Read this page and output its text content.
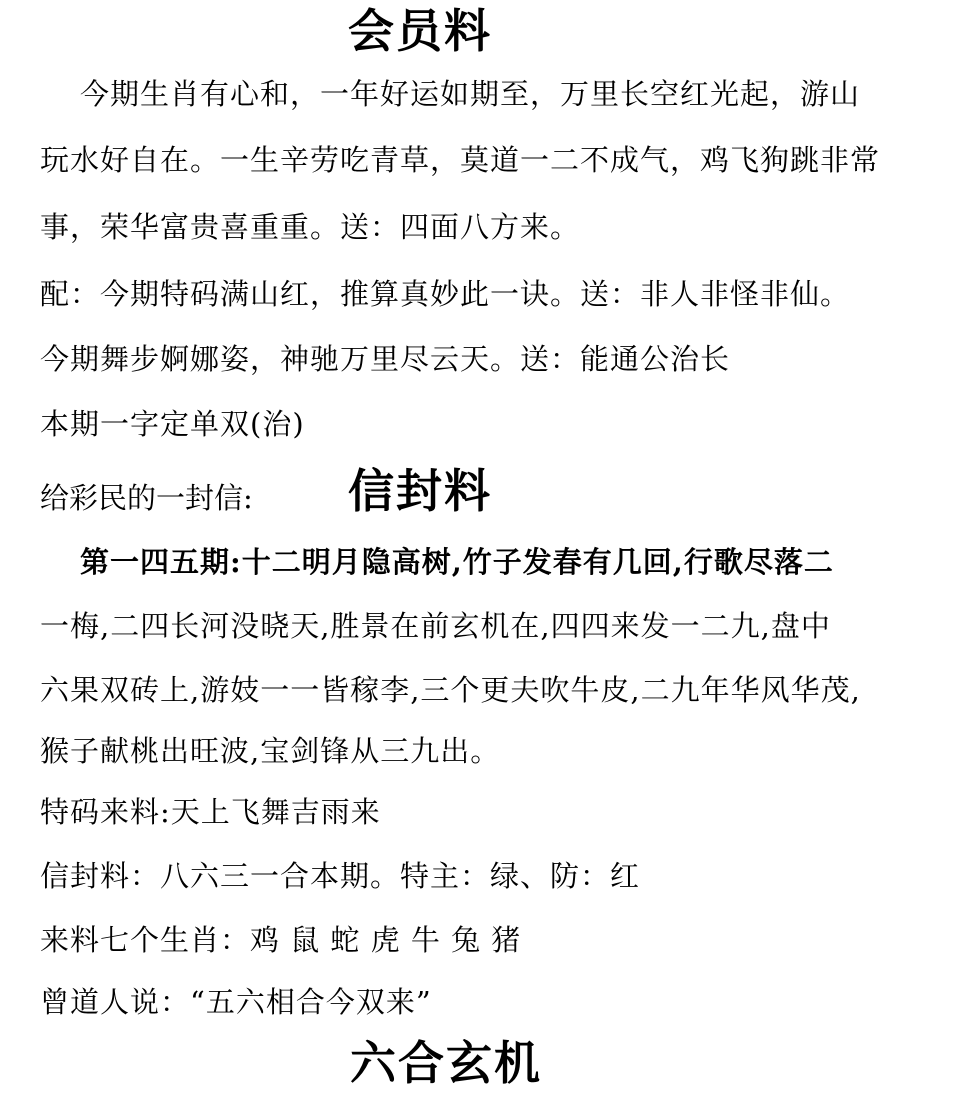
会员料
今期生肖有心和，一年好运如期至，万里长空红光起，游山
玩水好自在。一生辛劳吃青草，莫道一二不成气，鸡飞狗跳非常
事，荣华富贵喜重重。送：四面八方来。
配：今期特码满山红，推算真妙此一诀。送：非人非怪非仙。
今期舞步婀娜姿，神驰万里尽云天。送：能通公治长
本期一字定单双(治)
给彩民的一封信: 信封料
第一四五期:十二明月隐高树,竹子发春有几回,行歌尽落二
一梅,二四长河没晓天,胜景在前玄机在,四四来发一二九,盘中
六果双砖上,游妓一一皆稼李,三个更夫吹牛皮,二九年华风华茂,
猴子献桃出旺波,宝剑锋从三九出。
特码来料:天上飞舞吉雨来
信封料：八六三一合本期。特主：绿、防：红
来料七个生肖：鸡 鼠 蛇 虎 牛 兔 猪
曾道人说：“五六相合今双来”
六合玄机
